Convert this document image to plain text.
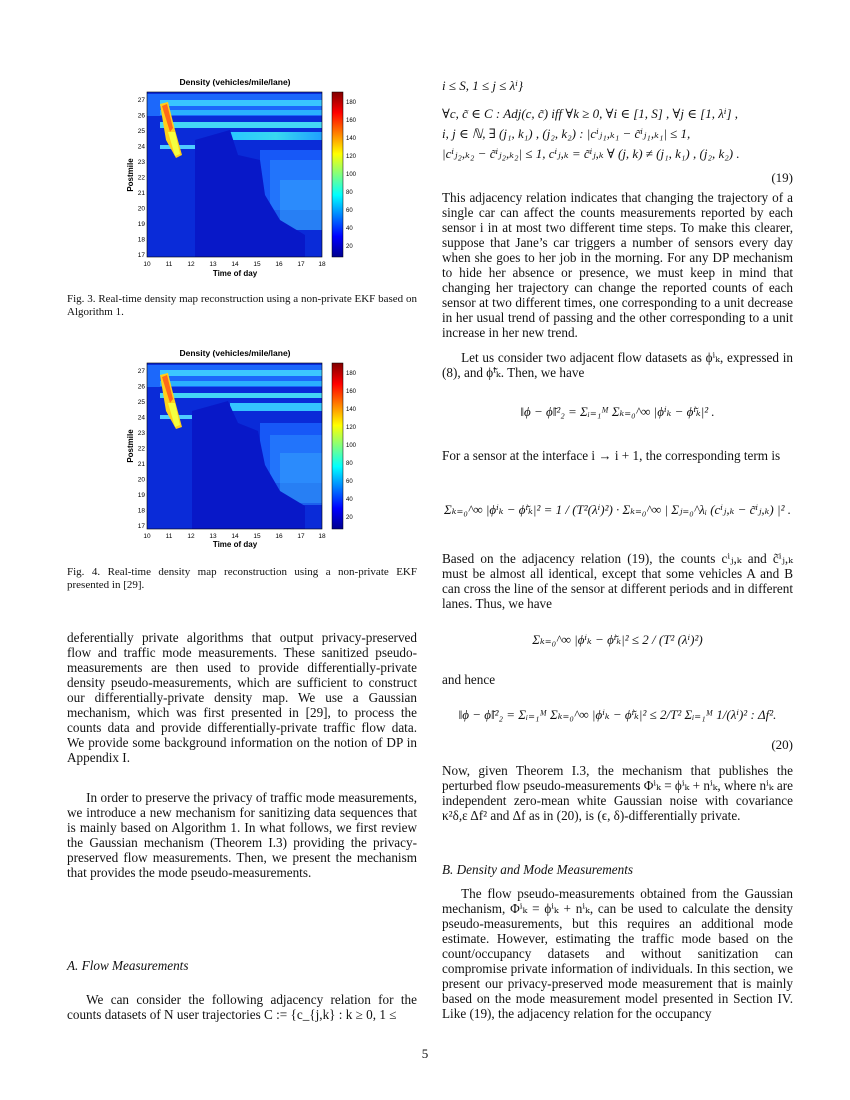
Density (vehicles/mile/lane)
27
26
25
24
23
22
21
20
19
18
17
10 11 12 13 14 15 16 17 18
Time of day
Postmile
180
160
140
120
100
80
60
40
20
Fig. 3. Real-time density map reconstruction using a non-private EKF based on Algorithm 1.
Density (vehicles/mile/lane)
27
26
25
24
23
22
21
20
19
18
17
10 11 12 13 14 15 16 17 18
Time of day
Postmile
180
160
140
120
100
80
60
40
20
Fig. 4. Real-time density map reconstruction using a non-private EKF presented in [29].

deferentially private algorithms that output privacy-preserved flow and traffic mode measurements. These sanitized pseudo-measurements are then used to provide differentially-private density pseudo-measurements, which are sufficient to construct our differentially-private density map. We use a Gaussian mechanism, which was first presented in [29], to process the counts data and provide differentially-private traffic flow data. We provide some background information on the notion of DP in Appendix I.

In order to preserve the privacy of traffic mode measurements, we introduce a new mechanism for sanitizing data sequences that is mainly based on Algorithm 1. In what follows, we first review the Gaussian mechanism (Theorem I.3) providing the privacy-preserved flow measurements. Then, we present the mechanism that provides the mode pseudo-measurements.

A. Flow Measurements

We can consider the following adjacency relation for the counts datasets of N user trajectories C := {c_{j,k} : k ≥ 0, 1 ≤

i ≤ S, 1 ≤ j ≤ λⁱ}
∀c, c̃ ∈ C : Adj(c, c̃) iff ∀k ≥ 0, ∀i ∈ [1, S] , ∀j ∈ [1, λⁱ] ,
i, j ∈ ℕ, ∃ (j₁, k₁) , (j₂, k₂) : |cⁱⱼ₁,ₖ₁ − c̃ⁱⱼ₁,ₖ₁| ≤ 1,
|cⁱⱼ₂,ₖ₂ − c̃ⁱⱼ₂,ₖ₂| ≤ 1, cⁱⱼ,ₖ = c̃ⁱⱼ,ₖ ∀ (j, k) ≠ (j₁, k₁) , (j₂, k₂) .
(19)

This adjacency relation indicates that changing the trajectory of a single car can affect the counts measurements reported by each sensor i in at most two different time steps. To make this clearer, suppose that Jane’s car triggers a number of sensors every day when she goes to her job in the morning. For any DP mechanism to hide her absence or presence, we must keep in mind that changing her trajectory can change the reported counts of each sensor at two different times, one corresponding to a unit decrease in her usual trend of passing and the other corresponding to a unit increase in her new trend.

Let us consider two adjacent flow datasets as ϕⁱₖ, expressed in (8), and ϕ̃ⁱₖ. Then, we have

‖ϕ − ϕ̃‖²₂ = Σᵢ₌₁ᴹ Σₖ₌₀^∞ |ϕⁱₖ − ϕ̃ⁱₖ|² .

For a sensor at the interface i → i + 1, the corresponding term is

Σₖ₌₀^∞ |ϕⁱₖ − ϕ̃ⁱₖ|² = 1 / (T²(λⁱ)²) · Σₖ₌₀^∞ | Σⱼ₌₀^λᵢ (cⁱⱼ,ₖ − c̃ⁱⱼ,ₖ) |² .

Based on the adjacency relation (19), the counts cⁱⱼ,ₖ and c̃ⁱⱼ,ₖ must be almost all identical, except that some vehicles A and B can cross the line of the sensor at different periods and in different lanes. Thus, we have

Σₖ₌₀^∞ |ϕⁱₖ − ϕ̃ⁱₖ|² ≤ 2 / (T² (λⁱ)²)

and hence

‖ϕ − ϕ̃‖²₂ = Σᵢ₌₁ᴹ Σₖ₌₀^∞ |ϕⁱₖ − ϕ̃ⁱₖ|² ≤ 2/T² Σᵢ₌₁ᴹ 1/(λⁱ)² : Δf².
(20)

Now, given Theorem I.3, the mechanism that publishes the perturbed flow pseudo-measurements Φⁱₖ = ϕⁱₖ + nⁱₖ, where nⁱₖ are independent zero-mean white Gaussian noise with covariance κ²δ,ε Δf² and Δf as in (20), is (ϵ, δ)-differentially private.

B. Density and Mode Measurements

The flow pseudo-measurements obtained from the Gaussian mechanism, Φⁱₖ = ϕⁱₖ + nⁱₖ, can be used to calculate the density pseudo-measurements, but this requires an additional mode estimate. However, estimating the traffic mode based on the count/occupancy datasets and without sanitization can compromise private information of individuals. In this section, we present our privacy-preserved mode measurement that is mainly based on the mode measurement model presented in Section IV. Like (19), the adjacency relation for the occupancy

5
